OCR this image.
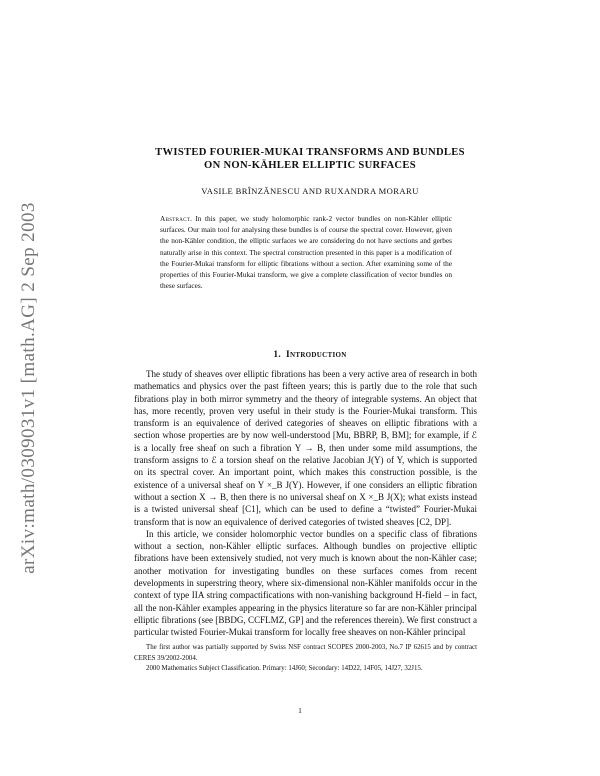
arXiv:math/0309031v1 [math.AG] 2 Sep 2003
TWISTED FOURIER-MUKAI TRANSFORMS AND BUNDLES
ON NON-KÄHLER ELLIPTIC SURFACES
VASILE BRÎNZĂNESCU AND RUXANDRA MORARU

Abstract. In this paper, we study holomorphic rank-2 vector bundles on non-Kähler elliptic surfaces. Our main tool for analysing these bundles is of course the spectral cover. However, given the non-Kähler condition, the elliptic surfaces we are considering do not have sections and gerbes naturally arise in this context. The spectral construction presented in this paper is a modification of the Fourier-Mukai transform for elliptic fibrations without a section. After examining some of the properties of this Fourier-Mukai transform, we give a complete classification of vector bundles on these surfaces.

1. Introduction

The study of sheaves over elliptic fibrations has been a very active area of research in both mathematics and physics over the past fifteen years; this is partly due to the role that such fibrations play in both mirror symmetry and the theory of integrable systems. An object that has, more recently, proven very useful in their study is the Fourier-Mukai transform. This transform is an equivalence of derived categories of sheaves on elliptic fibrations with a section whose properties are by now well-understood [Mu, BBRP, B, BM]; for example, if ℰ is a locally free sheaf on such a fibration Y → B, then under some mild assumptions, the transform assigns to ℰ a torsion sheaf on the relative Jacobian J(Y) of Y, which is supported on its spectral cover. An important point, which makes this construction possible, is the existence of a universal sheaf on Y ×_B J(Y). However, if one considers an elliptic fibration without a section X → B, then there is no universal sheaf on X ×_B J(X); what exists instead is a twisted universal sheaf [C1], which can be used to define a “twisted” Fourier-Mukai transform that is now an equivalence of derived categories of twisted sheaves [C2, DP].

In this article, we consider holomorphic vector bundles on a specific class of fibrations without a section, non-Kähler elliptic surfaces. Although bundles on projective elliptic fibrations have been extensively studied, not very much is known about the non-Kähler case; another motivation for investigating bundles on these surfaces comes from recent developments in superstring theory, where six-dimensional non-Kähler manifolds occur in the context of type IIA string compactifications with non-vanishing background H-field – in fact, all the non-Kähler examples appearing in the physics literature so far are non-Kähler principal elliptic fibrations (see [BBDG, CCFLMZ, GP] and the references therein). We first construct a particular twisted Fourier-Mukai transform for locally free sheaves on non-Kähler principal

The first author was partially supported by Swiss NSF contract SCOPES 2000-2003, No.7 IP 62615 and by contract CERES 39/2002-2004.

2000 Mathematics Subject Classification. Primary: 14J60; Secondary: 14D22, 14F05, 14J27, 32J15.

1
